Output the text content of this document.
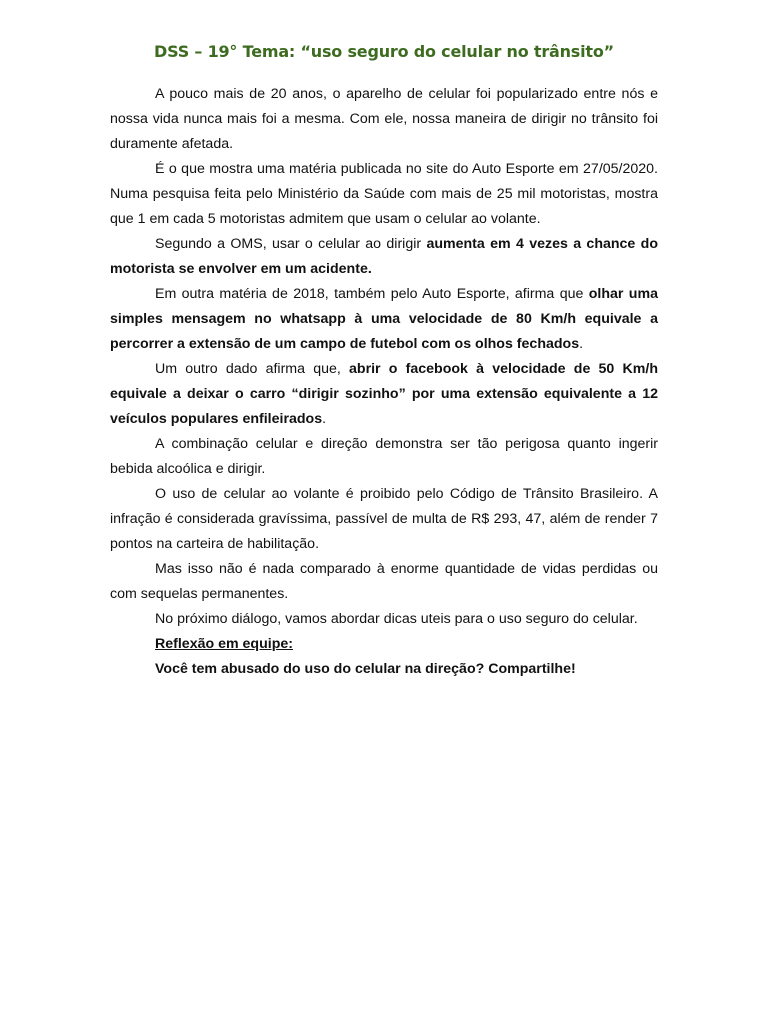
DSS – 19° Tema: “uso seguro do celular no trânsito”

A pouco mais de 20 anos, o aparelho de celular foi popularizado entre nós e nossa vida nunca mais foi a mesma. Com ele, nossa maneira de dirigir no trânsito foi duramente afetada.

É o que mostra uma matéria publicada no site do Auto Esporte em 27/05/2020. Numa pesquisa feita pelo Ministério da Saúde com mais de 25 mil motoristas, mostra que 1 em cada 5 motoristas admitem que usam o celular ao volante.

Segundo a OMS, usar o celular ao dirigir aumenta em 4 vezes a chance do motorista se envolver em um acidente.

Em outra matéria de 2018, também pelo Auto Esporte, afirma que olhar uma simples mensagem no whatsapp à uma velocidade de 80 Km/h equivale a percorrer a extensão de um campo de futebol com os olhos fechados.

Um outro dado afirma que, abrir o facebook à velocidade de 50 Km/h equivale a deixar o carro “dirigir sozinho” por uma extensão equivalente a 12 veículos populares enfileirados.

A combinação celular e direção demonstra ser tão perigosa quanto ingerir bebida alcoólica e dirigir.

O uso de celular ao volante é proibido pelo Código de Trânsito Brasileiro. A infração é considerada gravíssima, passível de multa de R$ 293, 47, além de render 7 pontos na carteira de habilitação.

Mas isso não é nada comparado à enorme quantidade de vidas perdidas ou com sequelas permanentes.

No próximo diálogo, vamos abordar dicas uteis para o uso seguro do celular.

Reflexão em equipe:

Você tem abusado do uso do celular na direção? Compartilhe!
